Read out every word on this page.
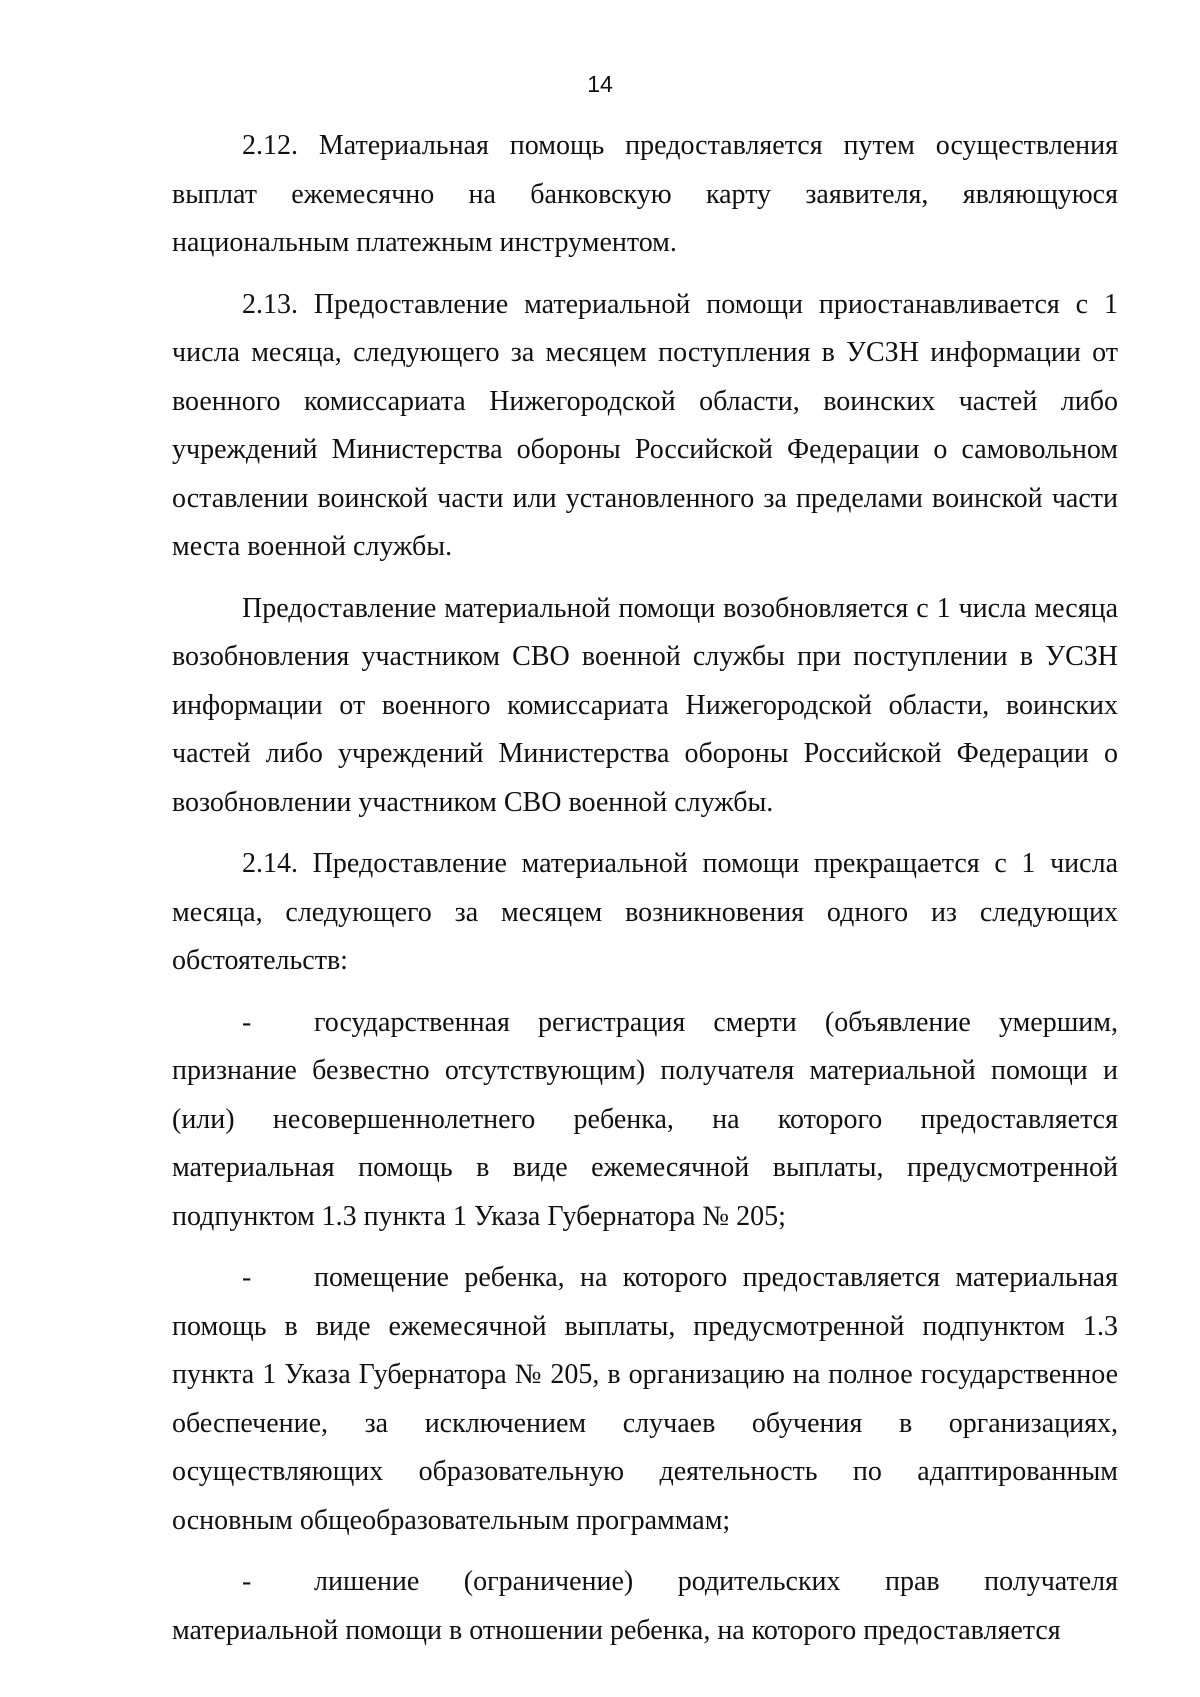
14

2.12. Материальная помощь предоставляется путем осуществления выплат ежемесячно на банковскую карту заявителя, являющуюся национальным платежным инструментом.

2.13. Предоставление материальной помощи приостанавливается с 1 числа месяца, следующего за месяцем поступления в УСЗН информации от военного комиссариата Нижегородской области, воинских частей либо учреждений Министерства обороны Российской Федерации о самовольном оставлении воинской части или установленного за пределами воинской части места военной службы.

Предоставление материальной помощи возобновляется с 1 числа месяца возобновления участником СВО военной службы при поступлении в УСЗН информации от военного комиссариата Нижегородской области, воинских частей либо учреждений Министерства обороны Российской Федерации о возобновлении участником СВО военной службы.

2.14. Предоставление материальной помощи прекращается с 1 числа месяца, следующего за месяцем возникновения одного из следующих обстоятельств:

- государственная регистрация смерти (объявление умершим, признание безвестно отсутствующим) получателя материальной помощи и (или) несовершеннолетнего ребенка, на которого предоставляется материальная помощь в виде ежемесячной выплаты, предусмотренной подпунктом 1.3 пункта 1 Указа Губернатора № 205;

- помещение ребенка, на которого предоставляется материальная помощь в виде ежемесячной выплаты, предусмотренной подпунктом 1.3 пункта 1 Указа Губернатора № 205, в организацию на полное государственное обеспечение, за исключением случаев обучения в организациях, осуществляющих образовательную деятельность по адаптированным основным общеобразовательным программам;

- лишение (ограничение) родительских прав получателя материальной помощи в отношении ребенка, на которого предоставляется
